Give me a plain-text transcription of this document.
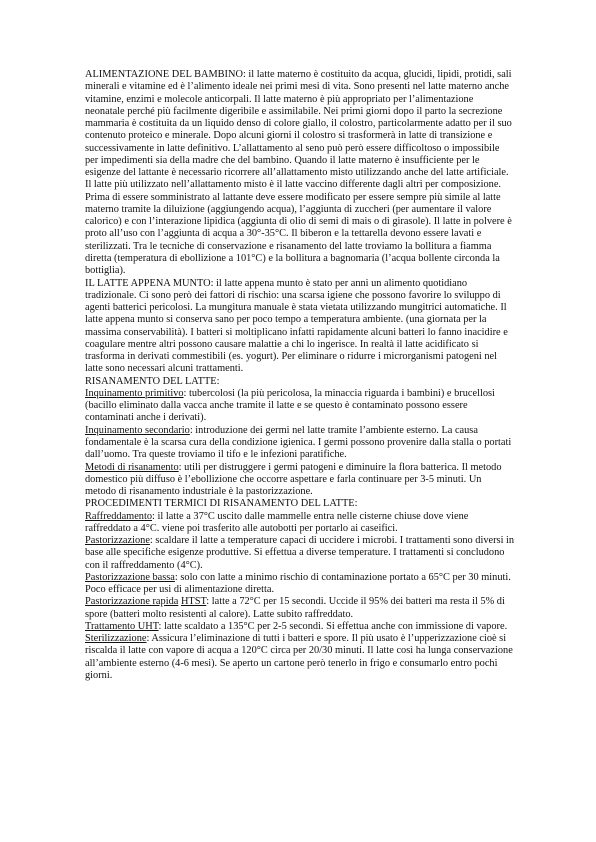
ALIMENTAZIONE DEL BAMBINO: il latte materno è costituito da acqua, glucidi, lipidi, protidi, sali minerali e vitamine ed è l’alimento ideale nei primi mesi di vita. Sono presenti nel latte materno anche vitamine, enzimi e molecole anticorpali. Il latte materno è più appropriato per l’alimentazione neonatale perché più facilmente digeribile e assimilabile. Nei primi giorni dopo il parto la secrezione mammaria è costituita da un liquido denso di colore giallo, il colostro, particolarmente adatto per il suo contenuto proteico e minerale. Dopo alcuni giorni il colostro si trasformerà in latte di transizione e successivamente in latte definitivo. L’allattamento al seno può però essere difficoltoso o impossibile per impedimenti sia della madre che del bambino. Quando il latte materno è insufficiente per le esigenze del lattante è necessario ricorrere all’allattamento misto utilizzando anche del latte artificiale. Il latte più utilizzato nell’allattamento misto è il latte vaccino differente dagli altri per composizione. Prima di essere somministrato al lattante deve essere modificato per essere sempre più simile al latte materno tramite la diluizione (aggiungendo acqua), l’aggiunta di zuccheri (per aumentare il valore calorico) e con l’interazione lipidica (aggiunta di olio di semi di mais o di girasole). Il latte in polvere è proto all’uso con l’aggiunta di acqua a 30°-35°C. Il biberon e la tettarella devono essere lavati e sterilizzati. Tra le tecniche di conservazione e risanamento del latte troviamo la bollitura a fiamma diretta (temperatura di ebollizione a 101°C) e la bollitura a bagnomaria (l’acqua bollente circonda la bottiglia).

IL LATTE APPENA MUNTO: il latte appena munto è stato per anni un alimento quotidiano tradizionale. Ci sono però dei fattori di rischio: una scarsa igiene che possono favorire lo sviluppo di agenti batterici pericolosi. La mungitura manuale è stata vietata utilizzando mungitrici automatiche. Il latte appena munto si conserva sano per poco tempo a temperatura ambiente. (una giornata per la massima conservabilità). I batteri si moltiplicano infatti rapidamente alcuni batteri lo fanno inacidire e coagulare mentre altri possono causare malattie a chi lo ingerisce. In realtà il latte acidificato si trasforma in derivati commestibili (es. yogurt). Per eliminare o ridurre i microrganismi patogeni nel latte sono necessari alcuni trattamenti.

RISANAMENTO DEL LATTE:

Inquinamento primitivo: tubercolosi (la più pericolosa, la minaccia riguarda i bambini) e brucellosi (bacillo eliminato dalla vacca anche tramite il latte e se questo è contaminato possono essere contaminati anche i derivati).

Inquinamento secondario: introduzione dei germi nel latte tramite l’ambiente esterno. La causa fondamentale è la scarsa cura della condizione igienica. I germi possono provenire dalla stalla o portati dall’uomo. Tra queste troviamo il tifo e le infezioni paratifiche.

Metodi di risanamento: utili per distruggere i germi patogeni e diminuire la flora batterica. Il metodo domestico più diffuso è l’ebollizione che occorre aspettare e farla continuare per 3-5 minuti. Un metodo di risanamento industriale è la pastorizzazione.

PROCEDIMENTI TERMICI DI RISANAMENTO DEL LATTE:

Raffreddamento: il latte a 37°C uscito dalle mammelle entra nelle cisterne chiuse dove viene raffreddato a 4°C. viene poi trasferito alle autobotti per portarlo ai caseifici.

Pastorizzazione: scaldare il latte a temperature capaci di uccidere i microbi. I trattamenti sono diversi in base alle specifiche esigenze produttive. Si effettua a diverse temperature. I trattamenti si concludono con il raffreddamento (4°C).

Pastorizzazione bassa: solo con latte a minimo rischio di contaminazione portato a 65°C per 30 minuti. Poco efficace per usi di alimentazione diretta.

Pastorizzazione rapida HTST: latte a 72°C per 15 secondi. Uccide il 95% dei batteri ma resta il 5% di spore (batteri molto resistenti al calore). Latte subito raffreddato.

Trattamento UHT: latte scaldato a 135°C per 2-5 secondi. Si effettua anche con immissione di vapore.

Sterilizzazione: Assicura l’eliminazione di tutti i batteri e spore. Il più usato è l’upperizzazione cioè si riscalda il latte con vapore di acqua a 120°C circa per 20/30 minuti. Il latte così ha lunga conservazione all’ambiente esterno (4-6 mesi). Se aperto un cartone però tenerlo in frigo e consumarlo entro pochi giorni.
